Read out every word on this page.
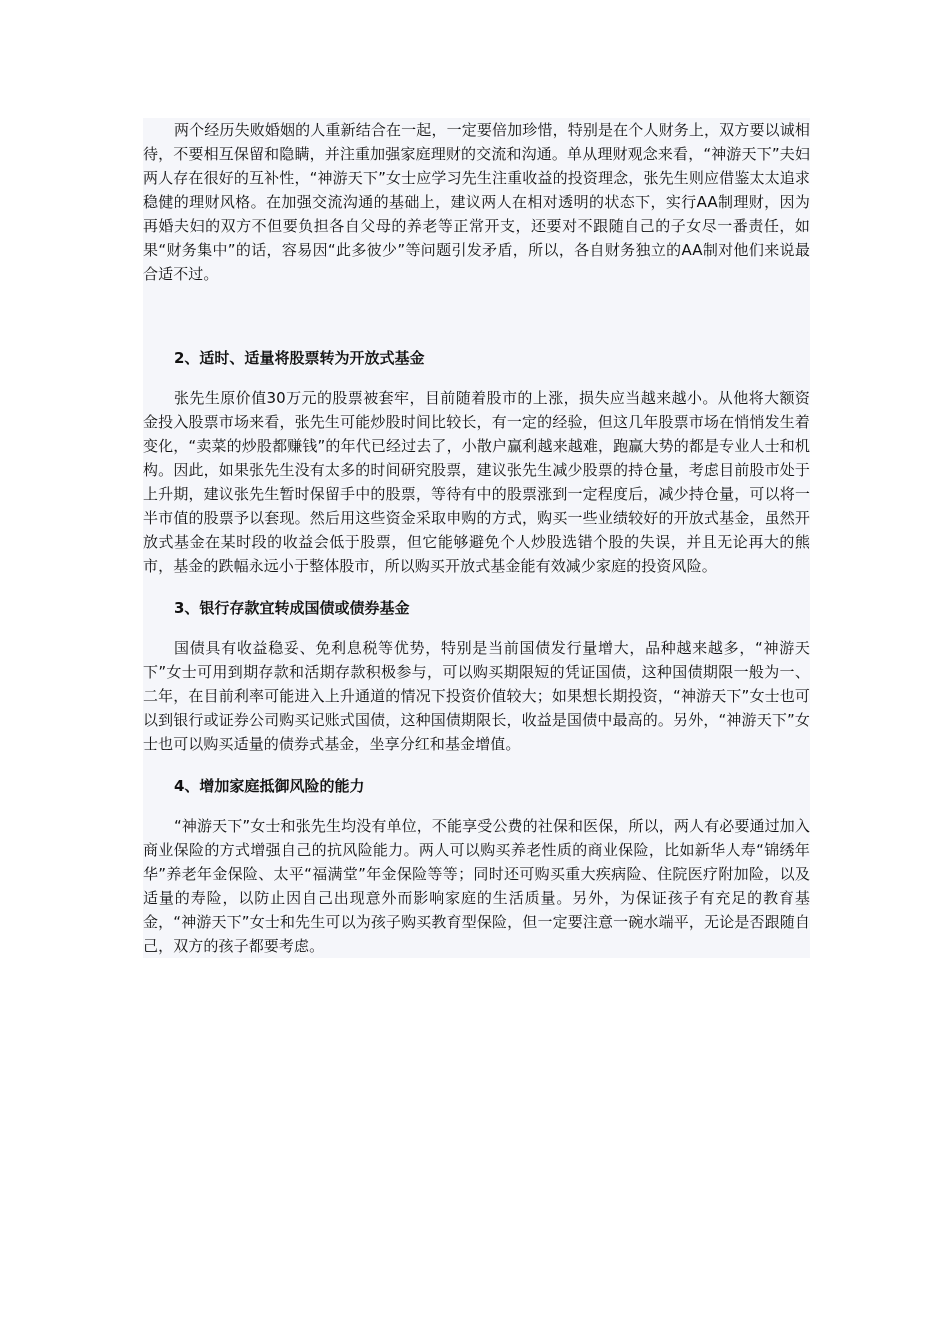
两个经历失败婚姻的人重新结合在一起，一定要倍加珍惜，特别是在个人财务上，双方要以诚相待，不要相互保留和隐瞒，并注重加强家庭理财的交流和沟通。单从理财观念来看，“神游天下”夫妇两人存在很好的互补性，“神游天下”女士应学习先生注重收益的投资理念，张先生则应借鉴太太追求稳健的理财风格。在加强交流沟通的基础上，建议两人在相对透明的状态下，实行AA制理财，因为再婚夫妇的双方不但要负担各自父母的养老等正常开支，还要对不跟随自己的子女尽一番责任，如果“财务集中”的话，容易因“此多彼少”等问题引发矛盾，所以，各自财务独立的AA制对他们来说最合适不过。

2、适时、适量将股票转为开放式基金

张先生原价值30万元的股票被套牢，目前随着股市的上涨，损失应当越来越小。从他将大额资金投入股票市场来看，张先生可能炒股时间比较长，有一定的经验，但这几年股票市场在悄悄发生着变化，“卖菜的炒股都赚钱”的年代已经过去了，小散户赢利越来越难，跑赢大势的都是专业人士和机构。因此，如果张先生没有太多的时间研究股票，建议张先生减少股票的持仓量，考虑目前股市处于上升期，建议张先生暂时保留手中的股票，等待有中的股票涨到一定程度后，减少持仓量，可以将一半市值的股票予以套现。然后用这些资金采取申购的方式，购买一些业绩较好的开放式基金，虽然开放式基金在某时段的收益会低于股票，但它能够避免个人炒股选错个股的失误，并且无论再大的熊市，基金的跌幅永远小于整体股市，所以购买开放式基金能有效减少家庭的投资风险。

3、银行存款宜转成国债或债券基金

国债具有收益稳妥、免利息税等优势，特别是当前国债发行量增大，品种越来越多，“神游天下”女士可用到期存款和活期存款积极参与，可以购买期限短的凭证国债，这种国债期限一般为一、二年，在目前利率可能进入上升通道的情况下投资价值较大；如果想长期投资，“神游天下”女士也可以到银行或证券公司购买记账式国债，这种国债期限长，收益是国债中最高的。另外，“神游天下”女士也可以购买适量的债券式基金，坐享分红和基金增值。

4、增加家庭抵御风险的能力

“神游天下”女士和张先生均没有单位，不能享受公费的社保和医保，所以，两人有必要通过加入商业保险的方式增强自己的抗风险能力。两人可以购买养老性质的商业保险，比如新华人寿“锦绣年华”养老年金保险、太平“福满堂”年金保险等等；同时还可购买重大疾病险、住院医疗附加险，以及适量的寿险，以防止因自己出现意外而影响家庭的生活质量。另外，为保证孩子有充足的教育基金，“神游天下”女士和先生可以为孩子购买教育型保险，但一定要注意一碗水端平，无论是否跟随自己，双方的孩子都要考虑。
